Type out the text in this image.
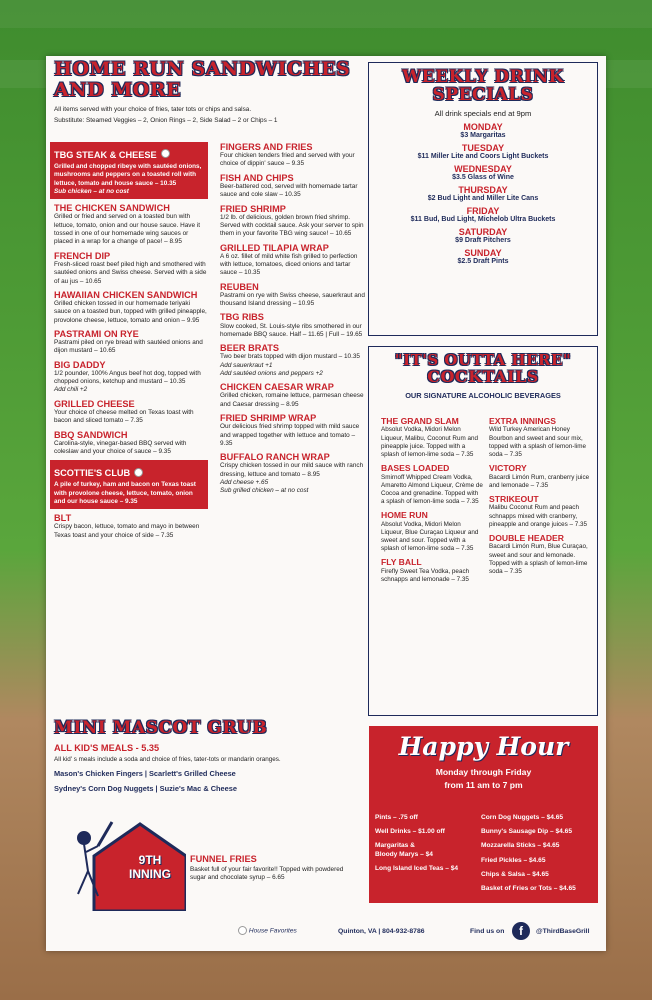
HOME RUN SANDWICHES
AND MORE
All items served with your choice of fries, tater tots or chips and salsa.
Substitute: Steamed Veggies – 2, Onion Rings – 2, Side Salad – 2 or Chips – 1
TBG STEAK & CHEESE
Grilled and chopped ribeye with sautéed onions, mushrooms and peppers on a toasted roll with lettuce, tomato and house sauce – 10.35
Sub chicken – at no cost
THE CHICKEN SANDWICH
Grilled or fried and served on a toasted bun with lettuce, tomato, onion and our house sauce. Have it tossed in one of our homemade wing sauces or placed in a wrap for a change of pace! – 8.95
FRENCH DIP
Fresh-sliced roast beef piled high and smothered with sautéed onions and Swiss cheese. Served with a side of au jus – 10.65
HAWAIIAN CHICKEN SANDWICH
Grilled chicken tossed in our homemade teriyaki sauce on a toasted bun, topped with grilled pineapple, provolone cheese, lettuce, tomato and onion – 9.95
PASTRAMI ON RYE
Pastrami piled on rye bread with sautéed onions and dijon mustard – 10.65
BIG DADDY
1/2 pounder, 100% Angus beef hot dog, topped with chopped onions, ketchup and mustard – 10.35
Add chili +2
GRILLED CHEESE
Your choice of cheese melted on Texas toast with bacon and sliced tomato – 7.35
BBQ SANDWICH
Carolina-style, vinegar-based BBQ served with coleslaw and your choice of sauce – 9.35
SCOTTIE'S CLUB
A pile of turkey, ham and bacon on Texas toast with provolone cheese, lettuce, tomato, onion and our house sauce – 9.35
BLT
Crispy bacon, lettuce, tomato and mayo in between Texas toast and your choice of side – 7.35
FINGERS AND FRIES
Four chicken tenders fried and served with your choice of dippin' sauce – 9.35
FISH AND CHIPS
Beer-battered cod, served with homemade tartar sauce and cole slaw – 10.35
FRIED SHRIMP
1/2 lb. of delicious, golden brown fried shrimp. Served with cocktail sauce. Ask your server to spin them in your favorite TBG wing sauce! – 10.65
GRILLED TILAPIA WRAP
A 6 oz. fillet of mild white fish grilled to perfection with lettuce, tomatoes, diced onions and tartar sauce – 10.35
REUBEN
Pastrami on rye with Swiss cheese, sauerkraut and thousand Island dressing – 10.95
TBG RIBS
Slow cooked, St. Louis-style ribs smothered in our homemade BBQ sauce. Half – 11.65 | Full – 19.65
BEER BRATS
Two beer brats topped with dijon mustard – 10.35
Add sauerkraut +1
Add sautéed onions and peppers +2
CHICKEN CAESAR WRAP
Grilled chicken, romaine lettuce, parmesan cheese and Caesar dressing – 8.95
FRIED SHRIMP WRAP
Our delicious fried shrimp topped with mild sauce and wrapped together with lettuce and tomato – 9.35
BUFFALO RANCH WRAP
Crispy chicken tossed in our mild sauce with ranch dressing, lettuce and tomato – 8.95
Add cheese +.65
Sub grilled chicken – at no cost
WEEKLY DRINK
SPECIALS
All drink specials end at 9pm
MONDAY
$3 Margaritas
TUESDAY
$11 Miller Lite and Coors Light Buckets
WEDNESDAY
$3.5 Glass of Wine
THURSDAY
$2 Bud Light and Miller Lite Cans
FRIDAY
$11 Bud, Bud Light, Michelob Ultra Buckets
SATURDAY
$9 Draft Pitchers
SUNDAY
$2.5 Draft Pints
"IT'S OUTTA HERE"
COCKTAILS
OUR SIGNATURE ALCOHOLIC BEVERAGES
THE GRAND SLAM
Absolut Vodka, Midori Melon Liqueur, Malibu, Coconut Rum and pineapple juice. Topped with a splash of lemon-lime soda – 7.35
BASES LOADED
Smirnoff Whipped Cream Vodka, Amaretto Almond Liqueur, Crème de Cocoa and grenadine. Topped with a splash of lemon-lime soda – 7.35
HOME RUN
Absolut Vodka, Midori Melon Liqueur, Blue Curaçao Liqueur and sweet and sour. Topped with a splash of lemon-lime soda – 7.35
FLY BALL
Firefly Sweet Tea Vodka, peach schnapps and lemonade – 7.35
EXTRA INNINGS
Wild Turkey American Honey Bourbon and sweet and sour mix, topped with a splash of lemon-lime soda – 7.35
VICTORY
Bacardi Limón Rum, cranberry juice and lemonade – 7.35
STRIKEOUT
Malibu Coconut Rum and peach schnapps mixed with cranberry, pineapple and orange juices – 7.35
DOUBLE HEADER
Bacardi Limón Rum, Blue Curaçao, sweet and sour and lemonade. Topped with a splash of lemon-lime soda – 7.35
MINI MASCOT GRUB
ALL KID'S MEALS - 5.35
All kid' s meals include a soda and choice of fries, tater-tots or mandarin oranges.
Mason's Chicken Fingers | Scarlett's Grilled Cheese
Sydney's Corn Dog Nuggets | Suzie's Mac & Cheese
9TH
INNING
FUNNEL FRIES
Basket full of your fair favorite!! Topped with powdered sugar and chocolate syrup – 6.65
Happy Hour
Monday through Friday
from 11 am to 7 pm
Pints – .75 off
Well Drinks – $1.00 off
Margaritas &
Bloody Marys – $4
Long Island Iced Teas – $4
Corn Dog Nuggets – $4.65
Bunny's Sausage Dip – $4.65
Mozzarella Sticks – $4.65
Fried Pickles – $4.65
Chips & Salsa – $4.65
Basket of Fries or Tots – $4.65
House Favorites	Quinton, VA | 804-932-8786	Find us on	f	@ThirdBaseGrill
